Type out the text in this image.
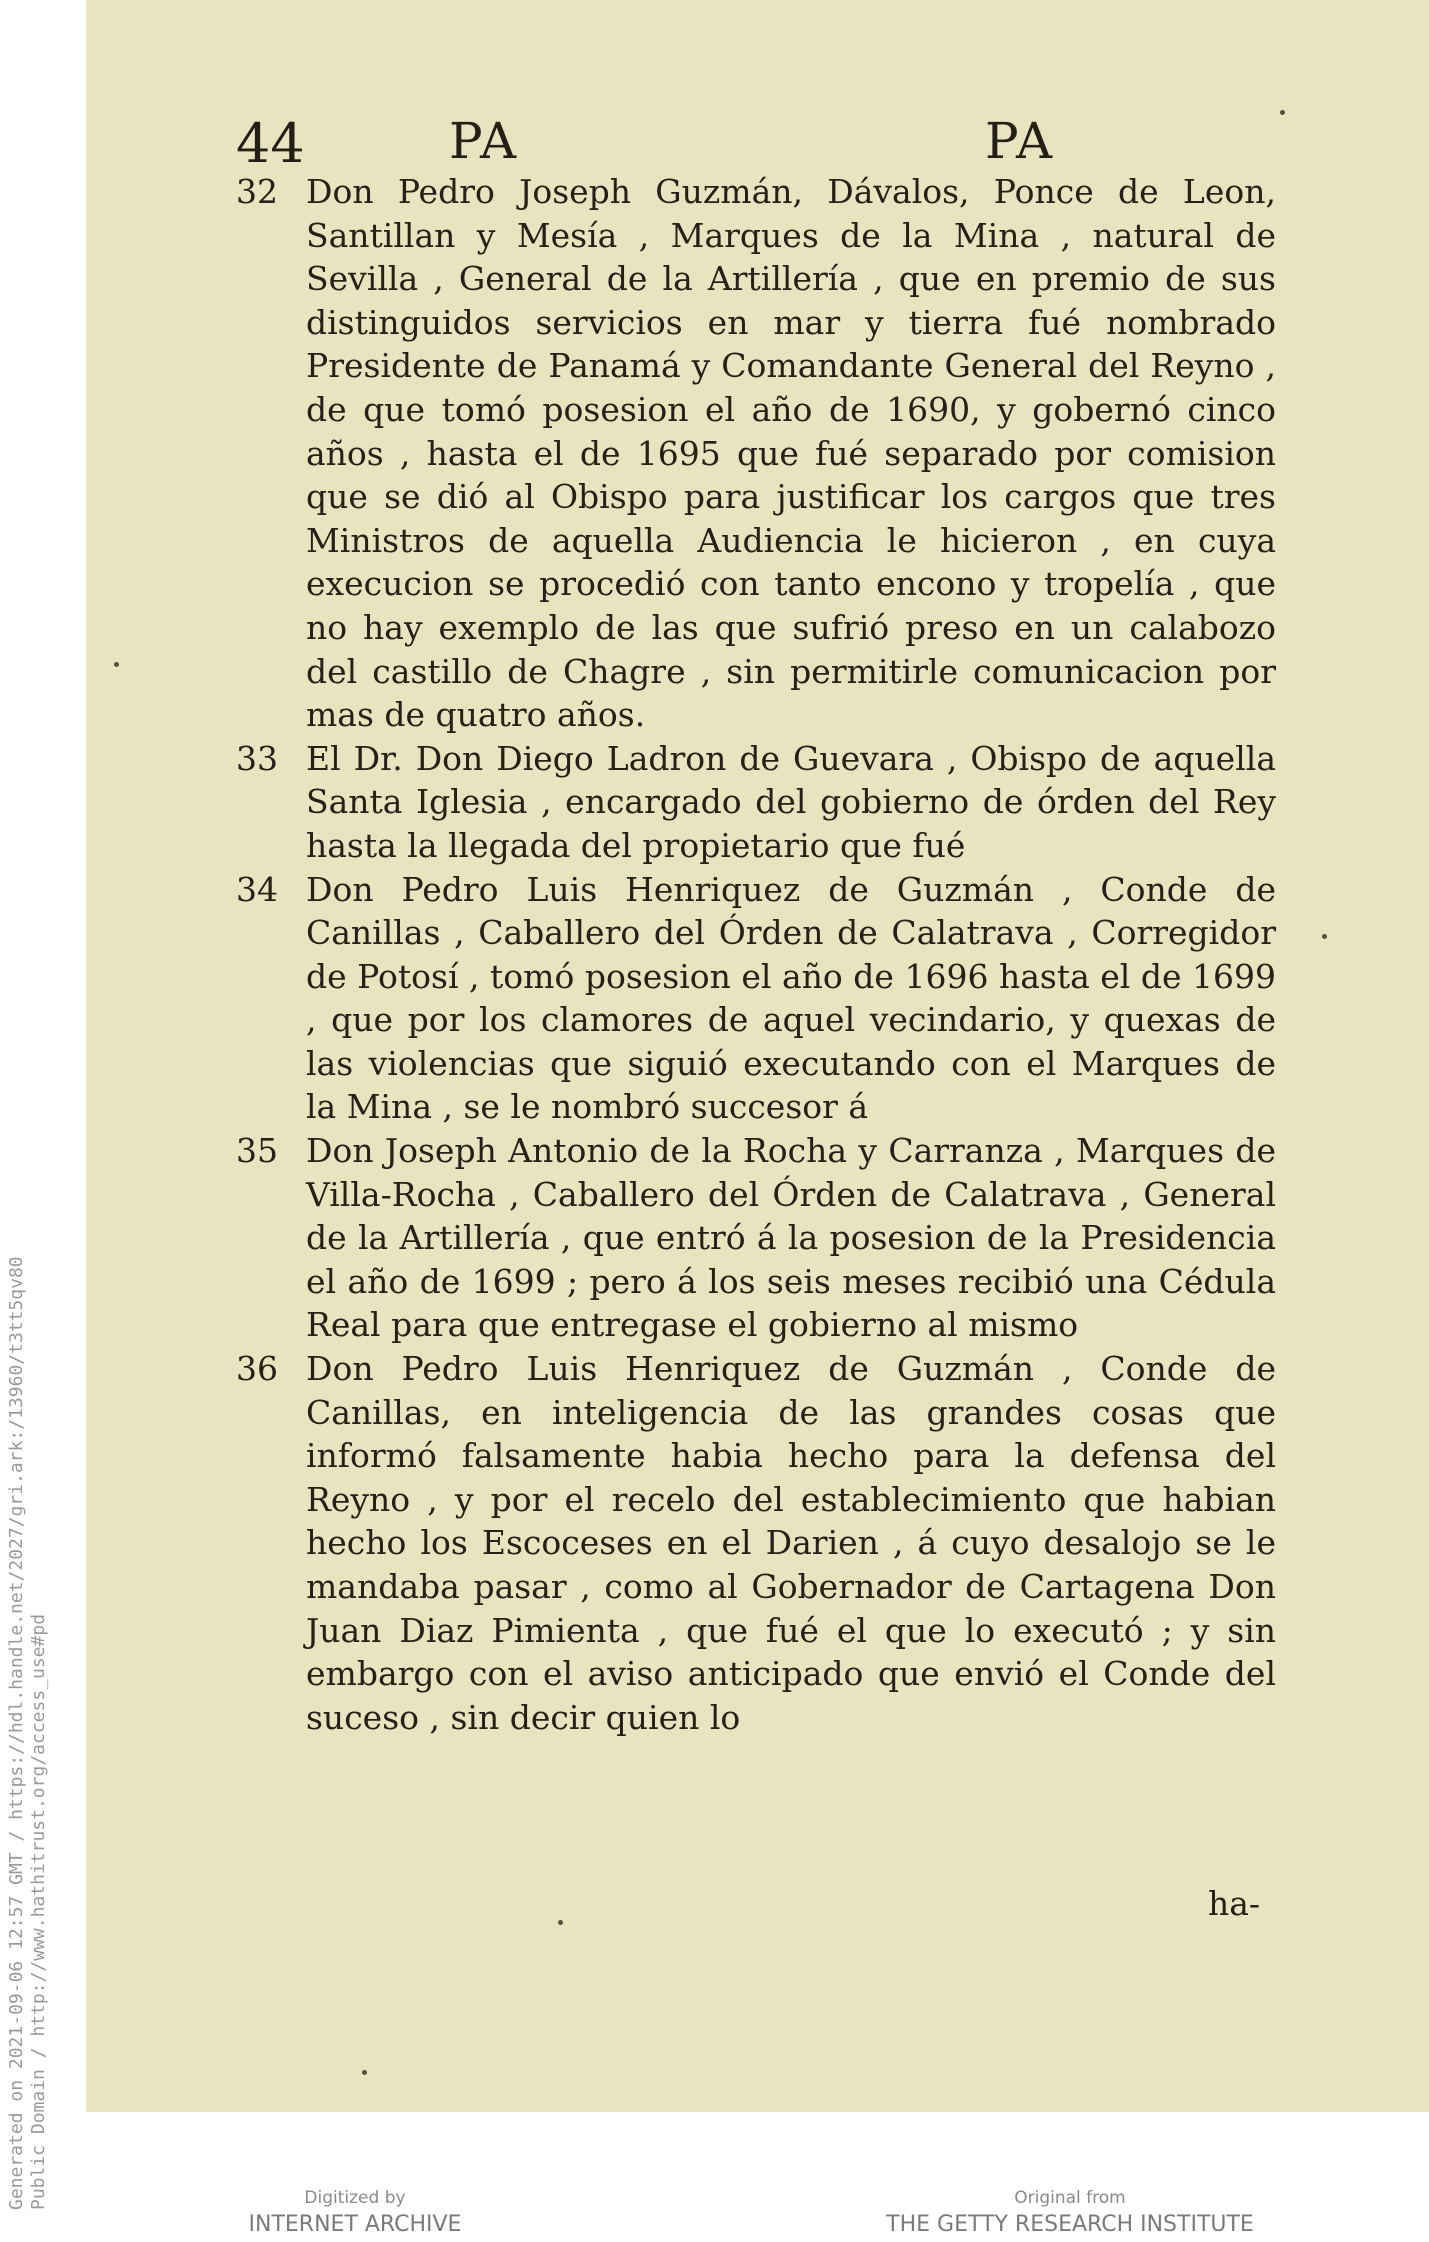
44	PA	PA
32 Don Pedro Joseph Guzmán, Dávalos, Ponce de Leon, Santillan y Mesía , Marques de la Mina , natural de Sevilla , General de la Artillería , que en premio de sus distinguidos servicios en mar y tierra fué nombrado Presidente de Panamá y Comandante General del Reyno , de que tomó posesion el año de 1690, y gobernó cinco años , hasta el de 1695 que fué separado por comision que se dió al Obispo para justificar los cargos que tres Ministros de aquella Audiencia le hicieron , en cuya execucion se procedió con tanto encono y tropelía , que no hay exemplo de las que sufrió preso en un calabozo del castillo de Chagre , sin permitirle comunicacion por mas de quatro años.
33 El Dr. Don Diego Ladron de Guevara , Obispo de aquella Santa Iglesia , encargado del gobierno de órden del Rey hasta la llegada del propietario que fué
34 Don Pedro Luis Henriquez de Guzmán , Conde de Canillas , Caballero del Órden de Calatrava , Corregidor de Potosí , tomó posesion el año de 1696 hasta el de 1699 , que por los clamores de aquel vecindario, y quexas de las violencias que siguió executando con el Marques de la Mina , se le nombró succesor á
35 Don Joseph Antonio de la Rocha y Carranza , Marques de Villa-Rocha , Caballero del Órden de Calatrava , General de la Artillería , que entró á la posesion de la Presidencia el año de 1699 ; pero á los seis meses recibió una Cédula Real para que entregase el gobierno al mismo
36 Don Pedro Luis Henriquez de Guzmán , Conde de Canillas, en inteligencia de las grandes cosas que informó falsamente habia hecho para la defensa del Reyno , y por el recelo del establecimiento que habian hecho los Escoceses en el Darien , á cuyo desalojo se le mandaba pasar , como al Gobernador de Cartagena Don Juan Diaz Pimienta , que fué el que lo executó ; y sin embargo con el aviso anticipado que envió el Conde del suceso , sin decir quien lo
ha-
Generated on 2021-09-06 12:57 GMT / https://hdl.handle.net/2027/gri.ark:/13960/t3tt5qv80 Public Domain / http://www.hathitrust.org/access_use#pd	Digitized by
INTERNET ARCHIVE
Original from
THE GETTY RESEARCH INSTITUTE
